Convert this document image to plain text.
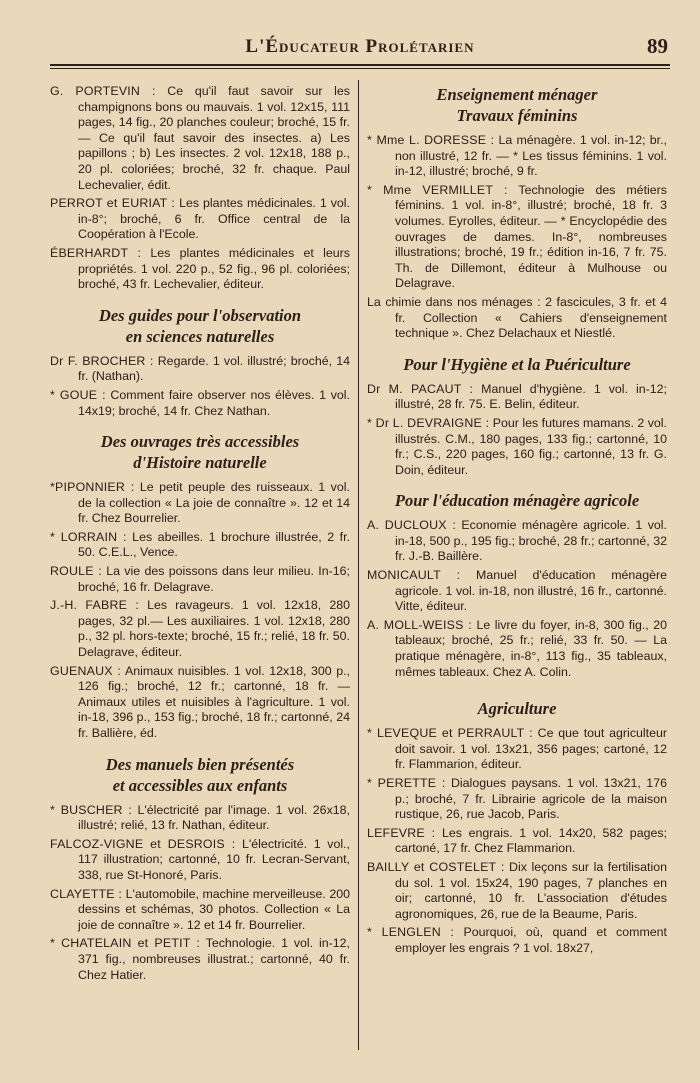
L'Éducateur Prolétarien	89
G. PORTEVIN : Ce qu'il faut savoir sur les champignons bons ou mauvais. 1 vol. 12x15, 111 pages, 14 fig., 20 planches couleur; broché, 15 fr. — Ce qu'il faut savoir des insectes. a) Les papillons ; b) Les insectes. 2 vol. 12x18, 188 p., 20 pl. coloriées; broché, 32 fr. chaque. Paul Lechevalier, édit.
PERROT et EURIAT : Les plantes médicinales. 1 vol. in-8°; broché, 6 fr. Office central de la Coopération à l'Ecole.
ÉBERHARDT : Les plantes médicinales et leurs propriétés. 1 vol. 220 p., 52 fig., 96 pl. coloriées; broché, 43 fr. Lechevalier, éditeur.
Des guides pour l'observation
en sciences naturelles
Dr F. BROCHER : Regarde. 1 vol. illustré; broché, 14 fr. (Nathan).
* GOUE : Comment faire observer nos élèves. 1 vol. 14x19; broché, 14 fr. Chez Nathan.
Des ouvrages très accessibles
d'Histoire naturelle
*PIPONNIER : Le petit peuple des ruisseaux. 1 vol. de la collection « La joie de connaître ». 12 et 14 fr. Chez Bourrelier.
* LORRAIN : Les abeilles. 1 brochure illustrée, 2 fr. 50. C.E.L., Vence.
ROULE : La vie des poissons dans leur milieu. In-16; broché, 16 fr. Delagrave.
J.-H. FABRE : Les ravageurs. 1 vol. 12x18, 280 pages, 32 pl.— Les auxiliaires. 1 vol. 12x18, 280 p., 32 pl. hors-texte; broché, 15 fr.; relié, 18 fr. 50. Delagrave, éditeur.
GUENAUX : Animaux nuisibles. 1 vol. 12x18, 300 p., 126 fig.; broché, 12 fr.; cartonné, 18 fr. — Animaux utiles et nuisibles à l'agriculture. 1 vol. in-18, 396 p., 153 fig.; broché, 18 fr.; cartonné, 24 fr. Ballière, éd.
Des manuels bien présentés
et accessibles aux enfants
* BUSCHER : L'électricité par l'image. 1 vol. 26x18, illustré; relié, 13 fr. Nathan, éditeur.
FALCOZ-VIGNE et DESROIS : L'électricité. 1 vol., 117 illustration; cartonné, 10 fr. Lecran-Servant, 338, rue St-Honoré, Paris.
CLAYETTE : L'automobile, machine merveilleuse. 200 dessins et schémas, 30 photos. Collection « La joie de connaître ». 12 et 14 fr. Bourrelier.
* CHATELAIN et PETIT : Technologie. 1 vol. in-12, 371 fig., nombreuses illustrat.; cartonné, 40 fr. Chez Hatier.
Enseignement ménager
Travaux féminins
* Mme L. DORESSE : La ménagère. 1 vol. in-12; br., non illustré, 12 fr. — * Les tissus féminins. 1 vol. in-12, illustré; broché, 9 fr.
* Mme VERMILLET : Technologie des métiers féminins. 1 vol. in-8°, illustré; broché, 18 fr. 3 volumes. Eyrolles, éditeur. — * Encyclopédie des ouvrages de dames. In-8°, nombreuses illustrations; broché, 19 fr.; édition in-16, 7 fr. 75. Th. de Dillemont, éditeur à Mulhouse ou Delagrave.
La chimie dans nos ménages : 2 fascicules, 3 fr. et 4 fr. Collection « Cahiers d'enseignement technique ». Chez Delachaux et Niestlé.
Pour l'Hygiène et la Puériculture
Dr M. PACAUT : Manuel d'hygiène. 1 vol. in-12; illustré, 28 fr. 75. E. Belin, éditeur.
* Dr L. DEVRAIGNE : Pour les futures mamans. 2 vol. illustrés. C.M., 180 pages, 133 fig.; cartonné, 10 fr.; C.S., 220 pages, 160 fig.; cartonné, 13 fr. G. Doin, éditeur.
Pour l'éducation ménagère agricole
A. DUCLOUX : Economie ménagère agricole. 1 vol. in-18, 500 p., 195 fig.; broché, 28 fr.; cartonné, 32 fr. J.-B. Baillère.
MONICAULT : Manuel d'éducation ménagère agricole. 1 vol. in-18, non illustré, 16 fr., cartonné. Vitte, éditeur.
A. MOLL-WEISS : Le livre du foyer, in-8, 300 fig., 20 tableaux; broché, 25 fr.; relié, 33 fr. 50. — La pratique ménagère, in-8°, 113 fig., 35 tableaux, mêmes tableaux. Chez A. Colin.
Agriculture
* LEVEQUE et PERRAULT : Ce que tout agriculteur doit savoir. 1 vol. 13x21, 356 pages; cartoné, 12 fr. Flammarion, éditeur.
* PERETTE : Dialogues paysans. 1 vol. 13x21, 176 p.; broché, 7 fr. Librairie agricole de la maison rustique, 26, rue Jacob, Paris.
LEFEVRE : Les engrais. 1 vol. 14x20, 582 pages; cartoné, 17 fr. Chez Flammarion.
BAILLY et COSTELET : Dix leçons sur la fertilisation du sol. 1 vol. 15x24, 190 pages, 7 planches en oir; cartonné, 10 fr. L'association d'études agronomiques, 26, rue de la Beaume, Paris.
* LENGLEN : Pourquoi, où, quand et comment employer les engrais ? 1 vol. 18x27,
